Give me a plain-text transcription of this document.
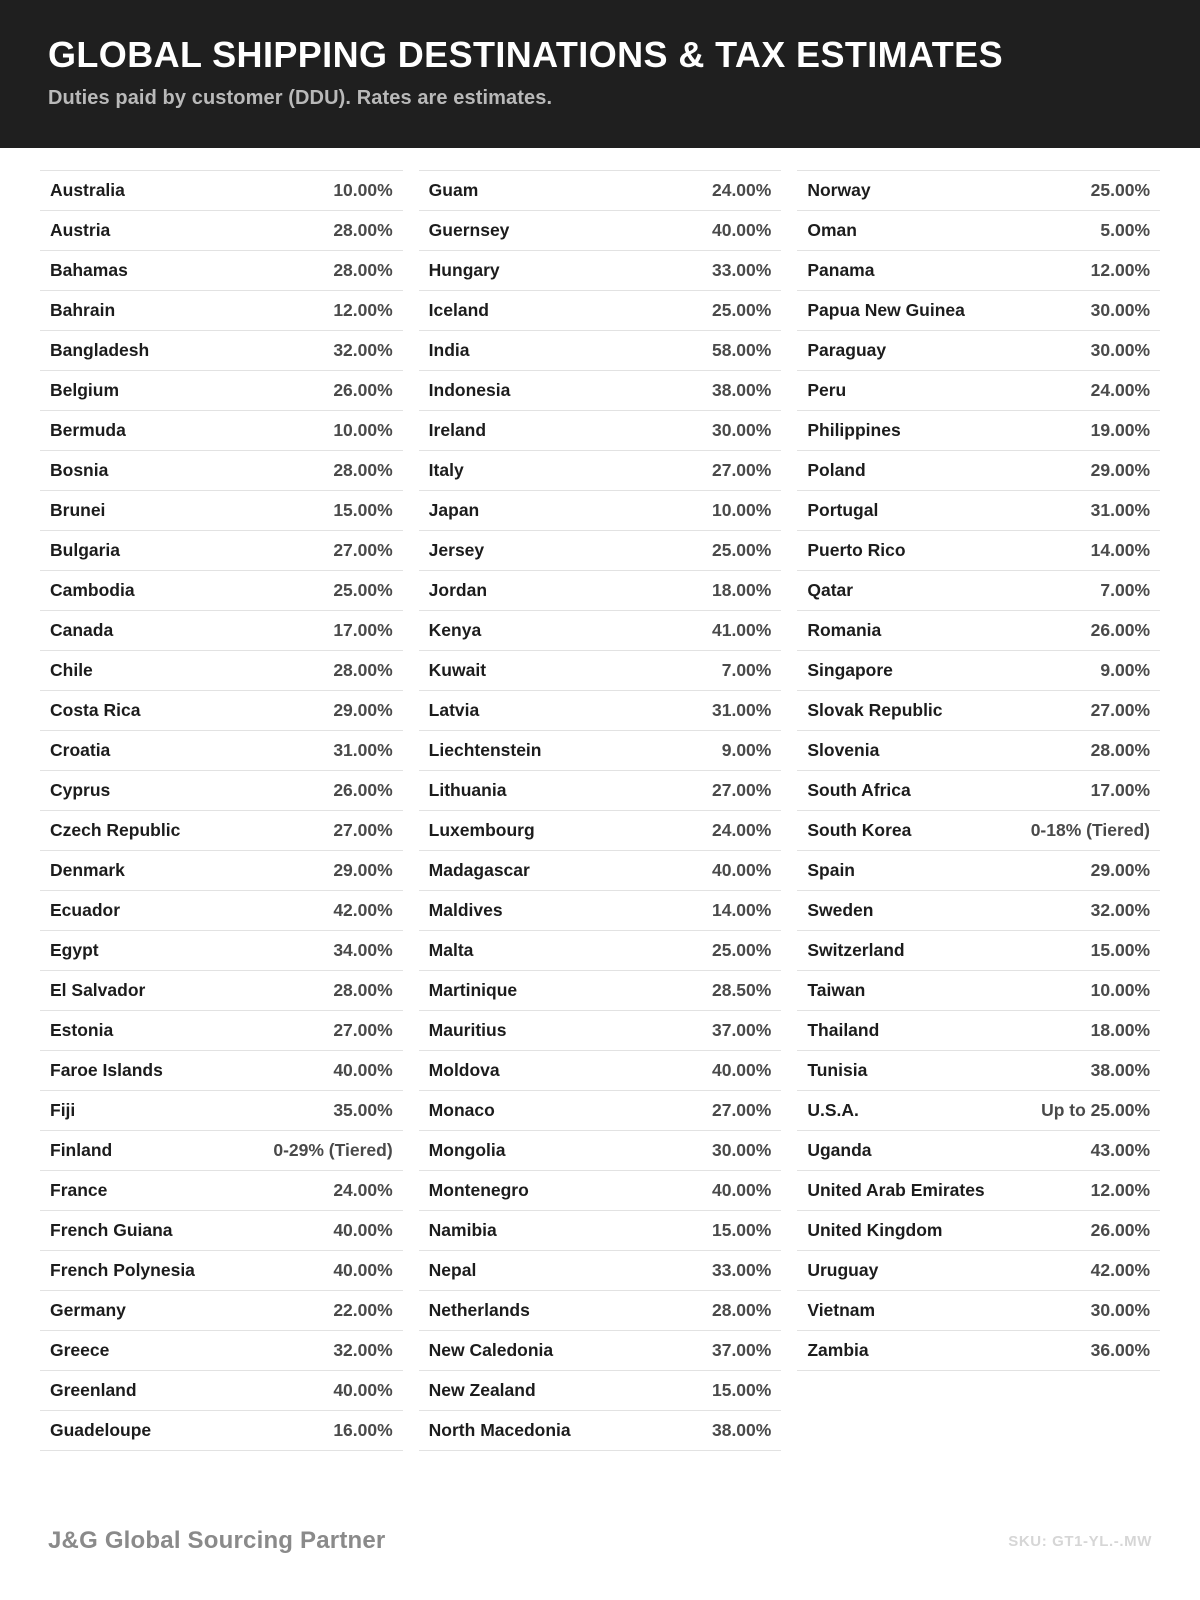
GLOBAL SHIPPING DESTINATIONS & TAX ESTIMATES
Duties paid by customer (DDU). Rates are estimates.
Australia	10.00%
Austria	28.00%
Bahamas	28.00%
Bahrain	12.00%
Bangladesh	32.00%
Belgium	26.00%
Bermuda	10.00%
Bosnia	28.00%
Brunei	15.00%
Bulgaria	27.00%
Cambodia	25.00%
Canada	17.00%
Chile	28.00%
Costa Rica	29.00%
Croatia	31.00%
Cyprus	26.00%
Czech Republic	27.00%
Denmark	29.00%
Ecuador	42.00%
Egypt	34.00%
El Salvador	28.00%
Estonia	27.00%
Faroe Islands	40.00%
Fiji	35.00%
Finland	0-29% (Tiered)
France	24.00%
French Guiana	40.00%
French Polynesia	40.00%
Germany	22.00%
Greece	32.00%
Greenland	40.00%
Guadeloupe	16.00%
Guam	24.00%
Guernsey	40.00%
Hungary	33.00%
Iceland	25.00%
India	58.00%
Indonesia	38.00%
Ireland	30.00%
Italy	27.00%
Japan	10.00%
Jersey	25.00%
Jordan	18.00%
Kenya	41.00%
Kuwait	7.00%
Latvia	31.00%
Liechtenstein	9.00%
Lithuania	27.00%
Luxembourg	24.00%
Madagascar	40.00%
Maldives	14.00%
Malta	25.00%
Martinique	28.50%
Mauritius	37.00%
Moldova	40.00%
Monaco	27.00%
Mongolia	30.00%
Montenegro	40.00%
Namibia	15.00%
Nepal	33.00%
Netherlands	28.00%
New Caledonia	37.00%
New Zealand	15.00%
North Macedonia	38.00%
Norway	25.00%
Oman	5.00%
Panama	12.00%
Papua New Guinea	30.00%
Paraguay	30.00%
Peru	24.00%
Philippines	19.00%
Poland	29.00%
Portugal	31.00%
Puerto Rico	14.00%
Qatar	7.00%
Romania	26.00%
Singapore	9.00%
Slovak Republic	27.00%
Slovenia	28.00%
South Africa	17.00%
South Korea	0-18% (Tiered)
Spain	29.00%
Sweden	32.00%
Switzerland	15.00%
Taiwan	10.00%
Thailand	18.00%
Tunisia	38.00%
U.S.A.	Up to 25.00%
Uganda	43.00%
United Arab Emirates	12.00%
United Kingdom	26.00%
Uruguay	42.00%
Vietnam	30.00%
Zambia	36.00%
J&G Global Sourcing Partner	SKU: GT1-YL.-.MW
